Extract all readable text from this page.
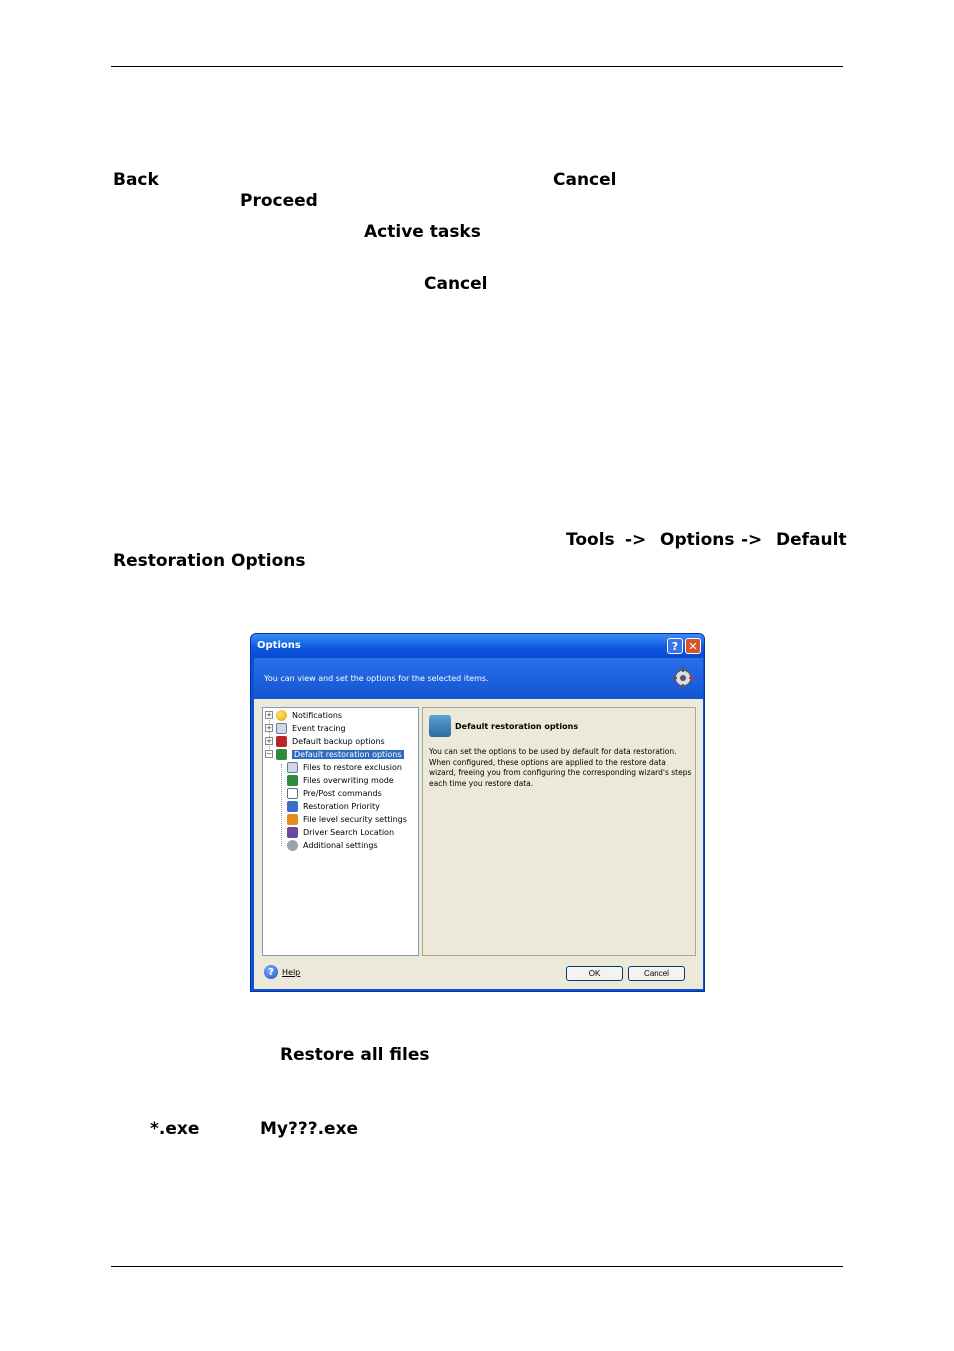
Back	Cancel
Proceed
Active tasks
Cancel
Tools -> Options -> Default
Restoration Options
Options	? ✕
You can view and set the options for the selected items.
+	Notifications
+	Event tracing
+	Default backup options
−	Default restoration options
Files to restore exclusion
Files overwriting mode
Pre/Post commands
Restoration Priority
File level security settings
Driver Search Location
Additional settings
Default restoration options

You can set the options to be used by default for data restoration. When configured, these options are applied to the restore data wizard, freeing you from configuring the corresponding wizard's steps each time you restore data.

?	Help	OK	Cancel
Restore all files
*.exe	My???.exe
